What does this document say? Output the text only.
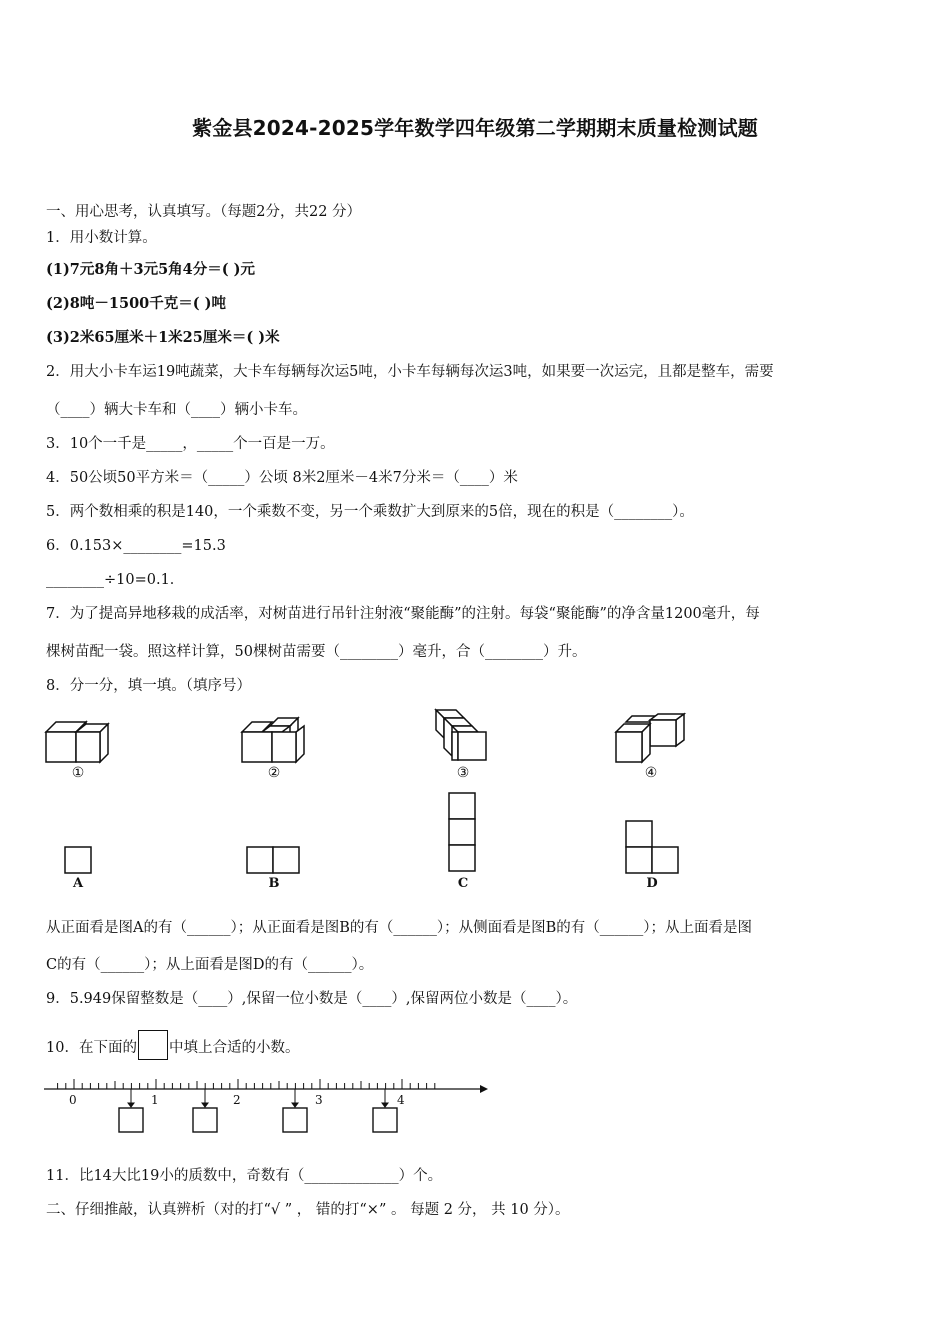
紫金县2024-2025学年数学四年级第二学期期末质量检测试题
一、用心思考，认真填写。（每题2分，共22 分）
1．用小数计算。
(1)7元8角＋3元5角4分＝( )元
(2)8吨－1500千克＝( )吨
(3)2米65厘米＋1米25厘米＝( )米
2．用大小卡车运19吨蔬菜，大卡车每辆每次运5吨，小卡车每辆每次运3吨，如果要一次运完，且都是整车，需要
（____）辆大卡车和（____）辆小卡车。
3．10个一千是_____，_____个一百是一万。
4．50公顷50平方米＝（_____）公顷 8米2厘米－4米7分米＝（____）米
5．两个数相乘的积是140，一个乘数不变，另一个乘数扩大到原来的5倍，现在的积是（________）。
6．0.153×________=15.3
________÷10=0.1．
7．为了提高异地移栽的成活率，对树苗进行吊针注射液“聚能酶”的注射。每袋“聚能酶”的净含量1200毫升，每
棵树苗配一袋。照这样计算，50棵树苗需要（________）毫升，合（________）升。
8．分一分，填一填。（填序号）
①	②	③	④
A	B	C	D
从正面看是图A的有（______）；从正面看是图B的有（______）；从侧面看是图B的有（______）；从上面看是图
C的有（______）；从上面看是图D的有（______）。
9．5.949保留整数是（____）,保留一位小数是（____）,保留两位小数是（____）。
10．在下面的 中填上合适的小数。
0	1	2	3	4
11．比14大比19小的质数中，奇数有（_____________）个。
二、仔细推敲，认真辨析（对的打“√ ” ， 错的打“×” 。 每题 2 分， 共 10 分）。
